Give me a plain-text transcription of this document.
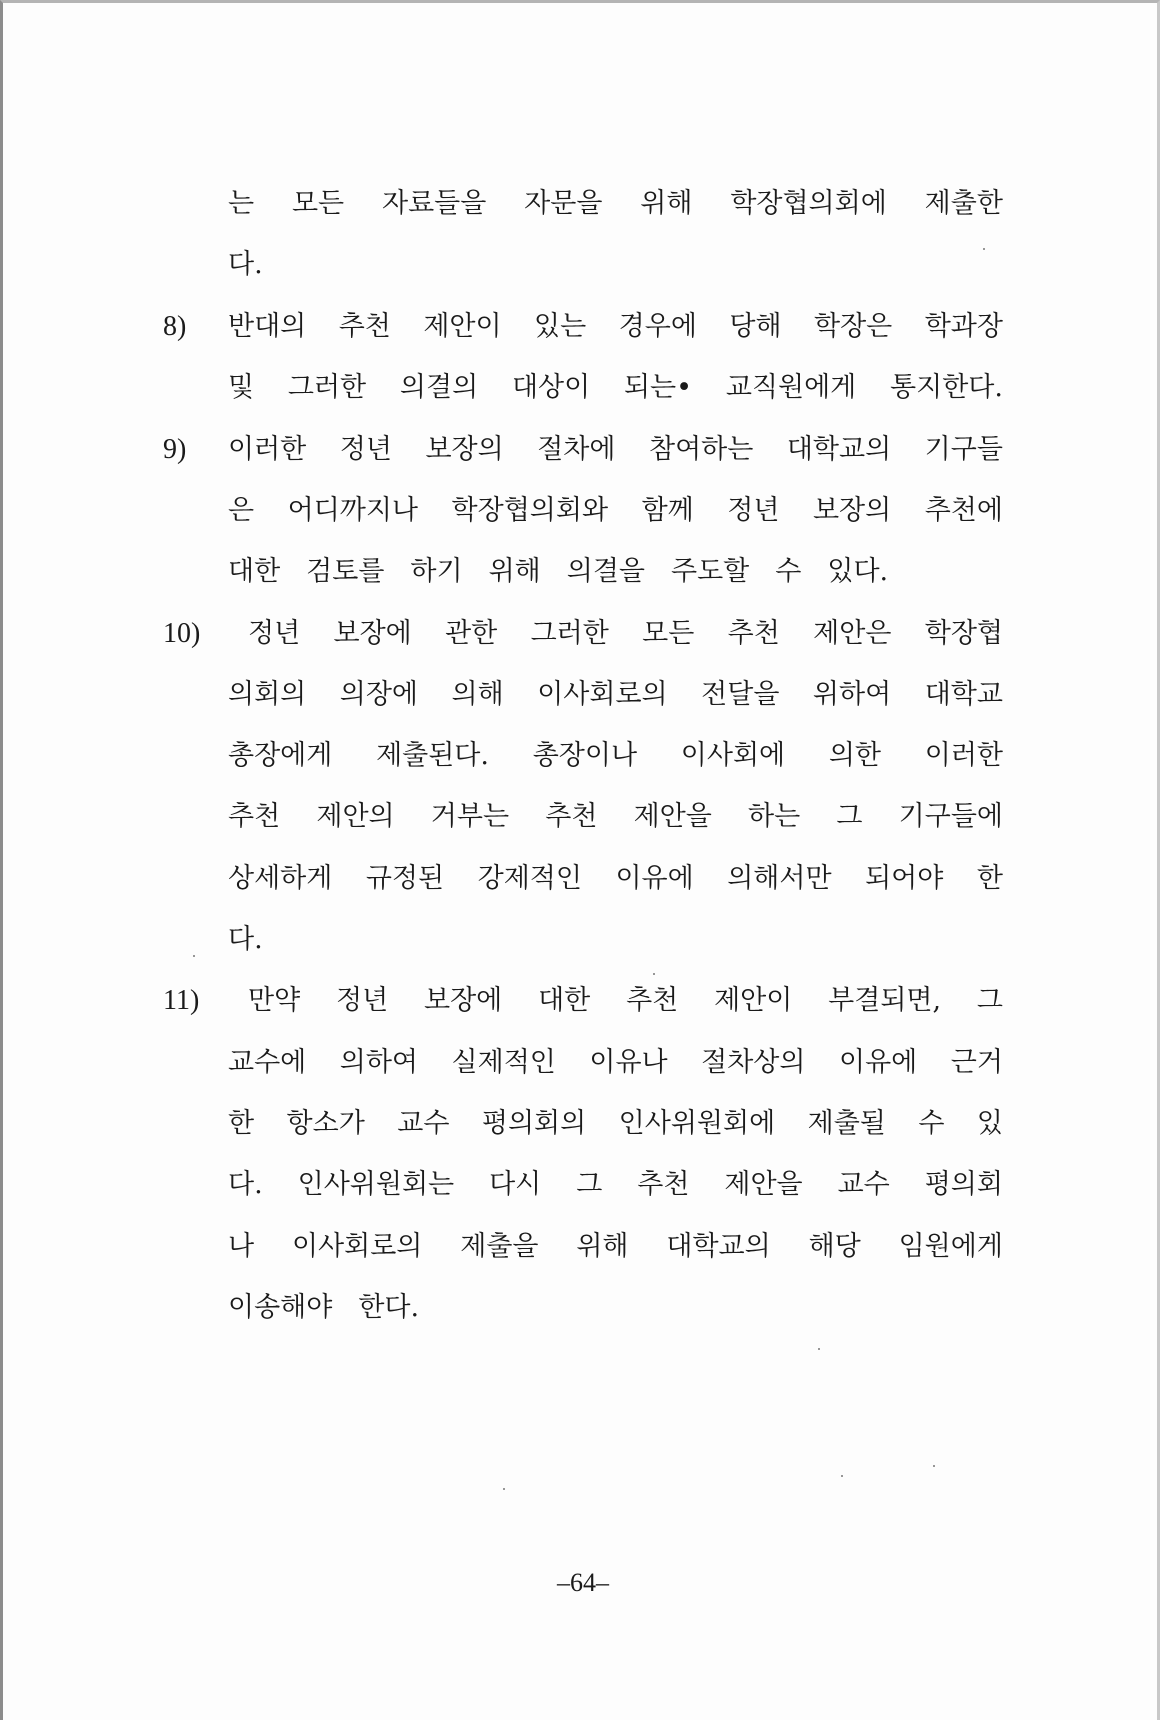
는 모든 자료들을 자문을 위해 학장협의회에 제출한
다.
8) 반대의 추천 제안이 있는 경우에 당해 학장은 학과장
및 그러한 의결의 대상이 되는• 교직원에게 통지한다.
9) 이러한 정년 보장의 절차에 참여하는 대학교의 기구들
은 어디까지나 학장협의회와 함께 정년 보장의 추천에
대한 검토를 하기 위해 의결을 주도할 수 있다.
10) 정년 보장에 관한 그러한 모든 추천 제안은 학장협
의회의 의장에 의해 이사회로의 전달을 위하여 대학교
총장에게 제출된다. 총장이나 이사회에 의한 이러한
추천 제안의 거부는 추천 제안을 하는 그 기구들에
상세하게 규정된 강제적인 이유에 의해서만 되어야 한
다.
11) 만약 정년 보장에 대한 추천 제안이 부결되면, 그
교수에 의하여 실제적인 이유나 절차상의 이유에 근거
한 항소가 교수 평의회의 인사위원회에 제출될 수 있
다. 인사위원회는 다시 그 추천 제안을 교수 평의회
나 이사회로의 제출을 위해 대학교의 해당 임원에게
이송해야 한다.
–64–
